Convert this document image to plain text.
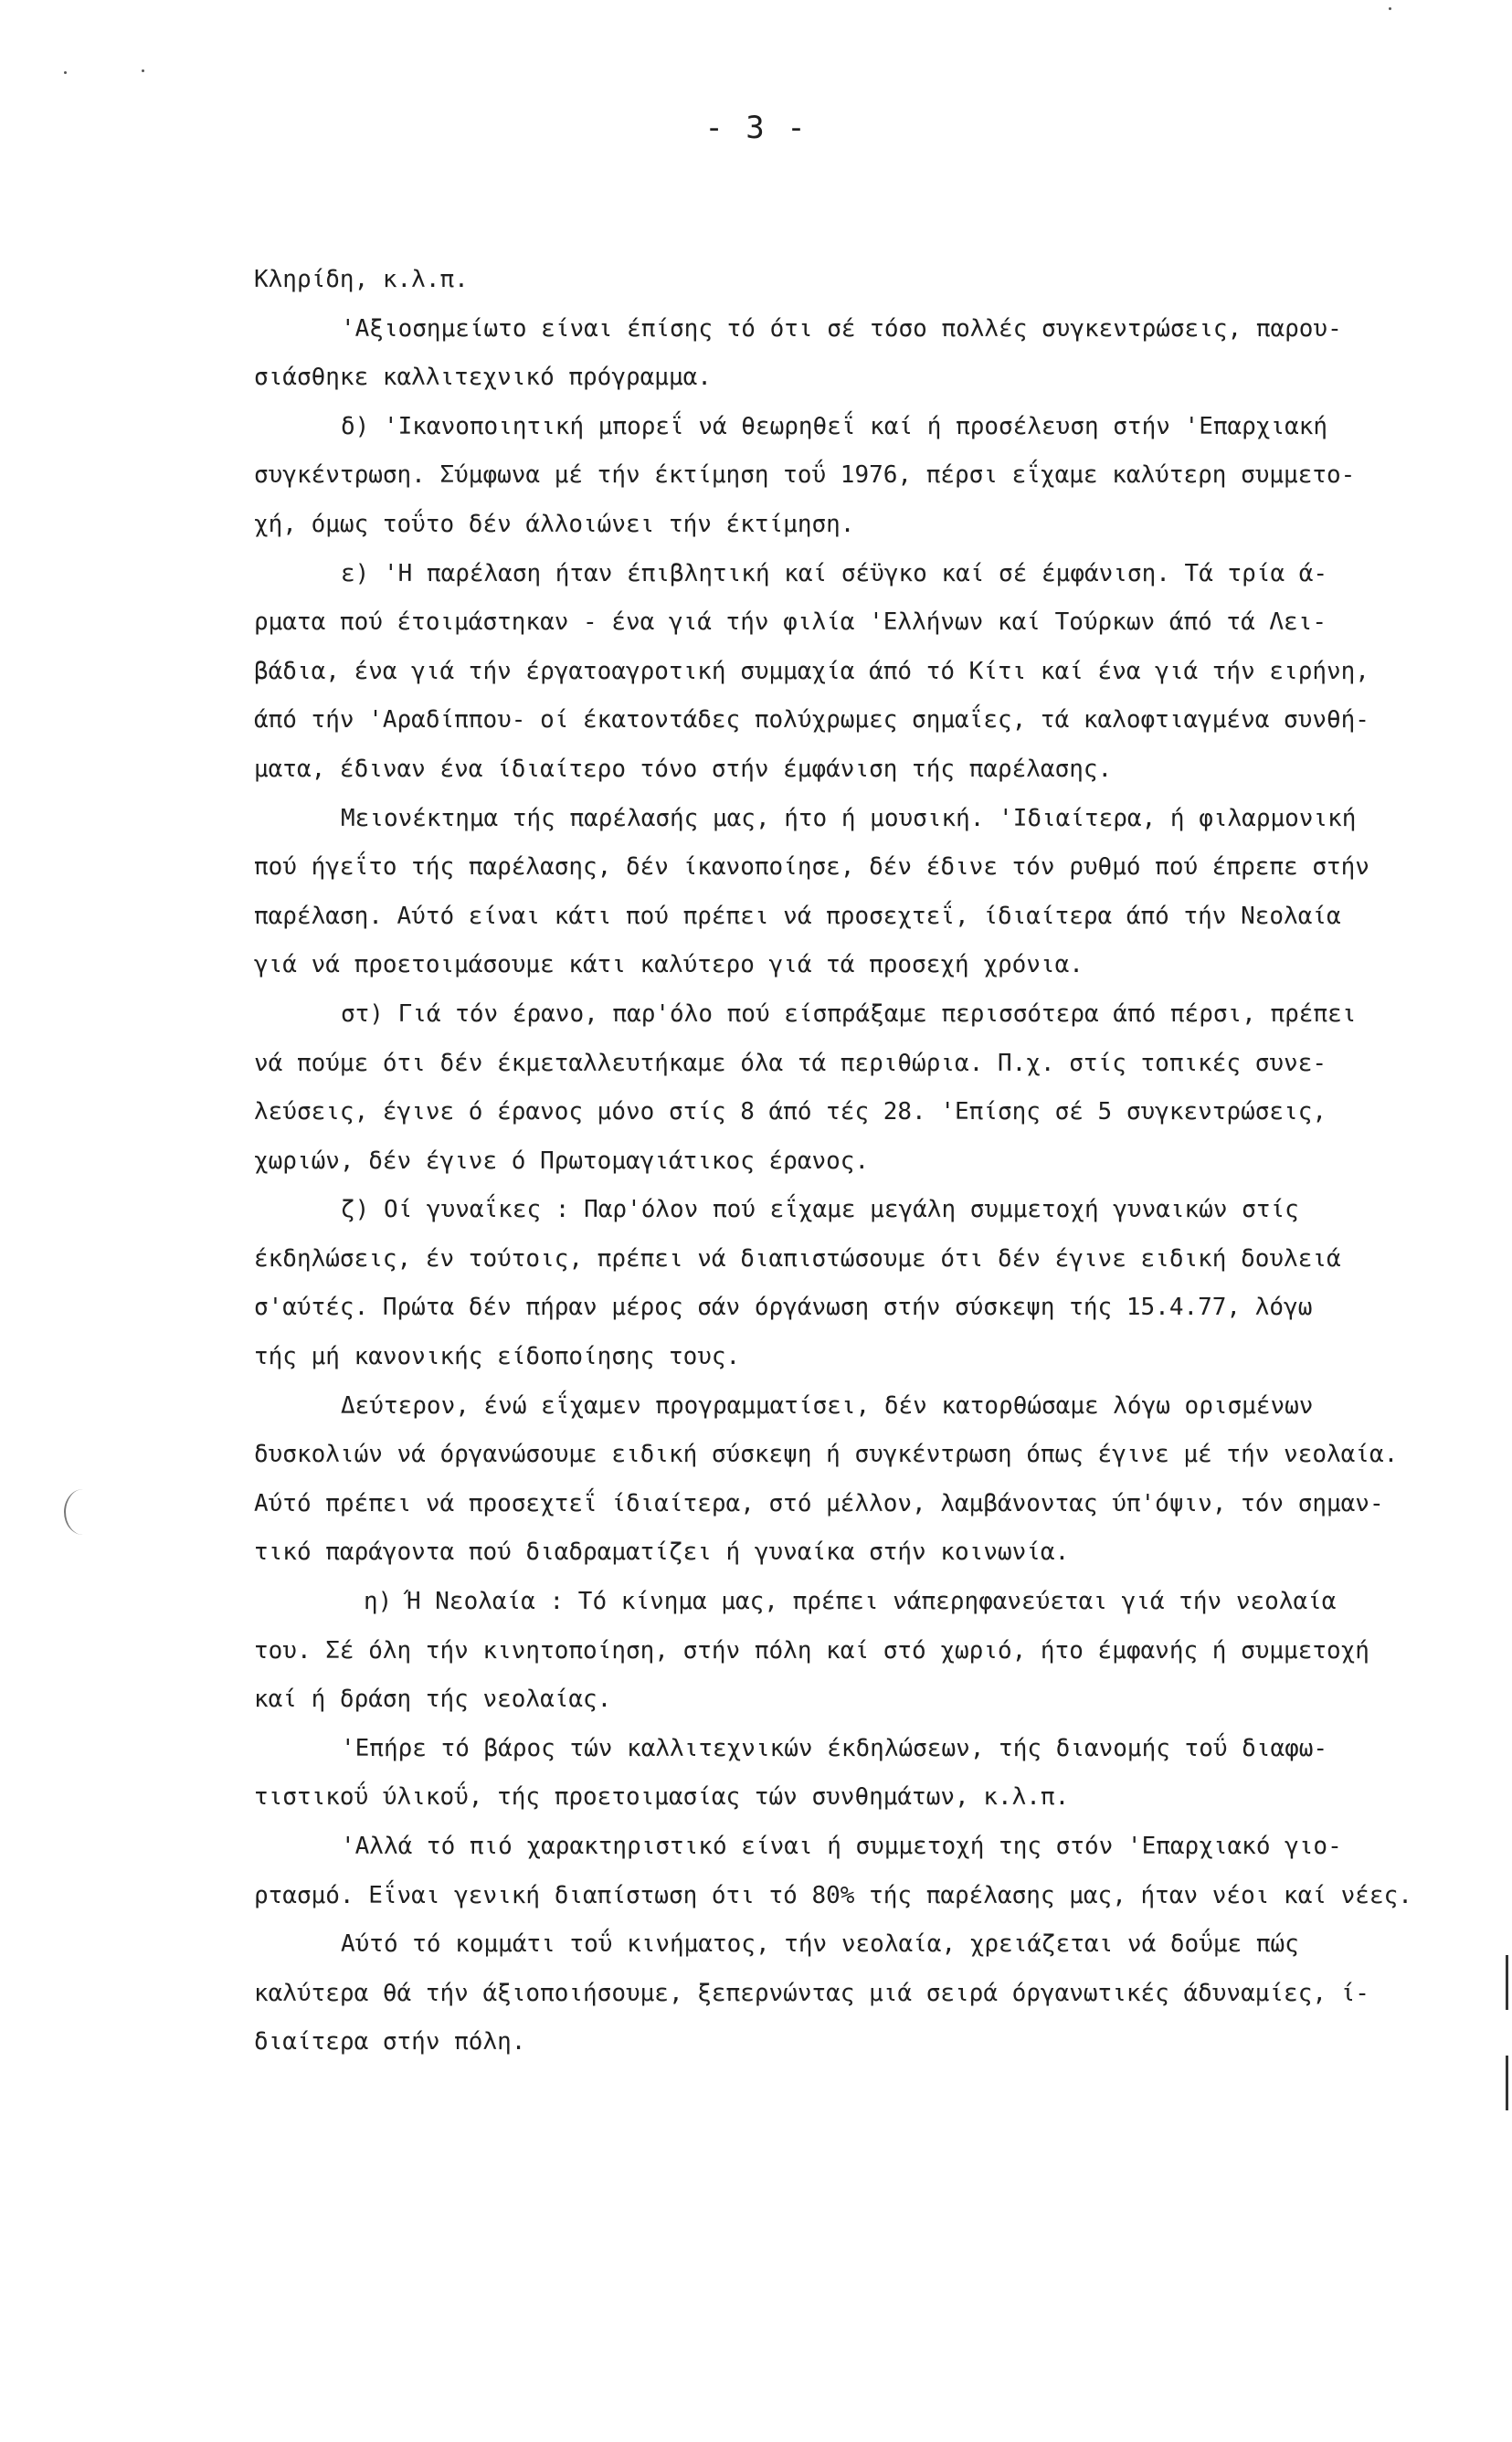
- 3 -
Κληρίδη, κ.λ.π.
'Αξιοσημείωτο είναι έπίσης τό ότι σέ τόσο πολλές συγκεντρώσεις, παρου-
σιάσθηκε καλλιτεχνικό πρόγραμμα.
δ) 'Ικανοποιητική μπορεΐ νά θεωρηθεΐ καί ή προσέλευση στήν 'Επαρχιακή
συγκέντρωση. Σύμφωνα μέ τήν έκτίμηση τοΰ 1976, πέρσι εΐχαμε καλύτερη συμμετο-
χή, όμως τοΰτο δέν άλλοιώνει τήν έκτίμηση.
ε) 'Η παρέλαση ήταν έπιβλητική καί σέϋγκο καί σέ έμφάνιση. Τά τρία ά-
ρματα πού έτοιμάστηκαν - ένα γιά τήν φιλία 'Ελλήνων καί Τούρκων άπό τά Λει-
βάδια, ένα γιά τήν έργατοαγροτική συμμαχία άπό τό Κίτι καί ένα γιά τήν ειρήνη,
άπό τήν 'Αραδίππου- οί έκατοντάδες πολύχρωμες σημαΐες, τά καλοφτιαγμένα συνθή-
ματα, έδιναν ένα ίδιαίτερο τόνο στήν έμφάνιση τής παρέλασης.
Μειονέκτημα τής παρέλασής μας, ήτο ή μουσική. 'Ιδιαίτερα, ή φιλαρμονική
πού ήγεΐτο τής παρέλασης, δέν ίκανοποίησε, δέν έδινε τόν ρυθμό πού έπρεπε στήν
παρέλαση. Αύτό είναι κάτι πού πρέπει νά προσεχτεΐ, ίδιαίτερα άπό τήν Νεολαία
γιά νά προετοιμάσουμε κάτι καλύτερο γιά τά προσεχή χρόνια.
στ) Γιά τόν έρανο, παρ'όλο πού είσπράξαμε περισσότερα άπό πέρσι, πρέπει
νά πούμε ότι δέν έκμεταλλευτήκαμε όλα τά περιθώρια. Π.χ. στίς τοπικές συνε-
λεύσεις, έγινε ό έρανος μόνο στίς 8 άπό τές 28. 'Επίσης σέ 5 συγκεντρώσεις,
χωριών, δέν έγινε ό Πρωτομαγιάτικος έρανος.
ζ) Οί γυναΐκες : Παρ'όλον πού εΐχαμε μεγάλη συμμετοχή γυναικών στίς
έκδηλώσεις, έν τούτοις, πρέπει νά διαπιστώσουμε ότι δέν έγινε ειδική δουλειά
σ'αύτές. Πρώτα δέν πήραν μέρος σάν όργάνωση στήν σύσκεψη τής 15.4.77, λόγω
τής μή κανονικής είδοποίησης τους.
Δεύτερον, ένώ εΐχαμεν προγραμματίσει, δέν κατορθώσαμε λόγω ορισμένων
δυσκολιών νά όργανώσουμε ειδική σύσκεψη ή συγκέντρωση όπως έγινε μέ τήν νεολαία.
Αύτό πρέπει νά προσεχτεΐ ίδιαίτερα, στό μέλλον, λαμβάνοντας ύπ'όψιν, τόν σημαν-
τικό παράγοντα πού διαδραματίζει ή γυναίκα στήν κοινωνία.
η) Ή Νεολαία : Τό κίνημα μας, πρέπει νάπερηφανεύεται γιά τήν νεολαία
του. Σέ όλη τήν κινητοποίηση, στήν πόλη καί στό χωριό, ήτο έμφανής ή συμμετοχή
καί ή δράση τής νεολαίας.
'Επήρε τό βάρος τών καλλιτεχνικών έκδηλώσεων, τής διανομής τοΰ διαφω-
τιστικοΰ ύλικοΰ, τής προετοιμασίας τών συνθημάτων, κ.λ.π.
'Αλλά τό πιό χαρακτηριστικό είναι ή συμμετοχή της στόν 'Επαρχιακό γιο-
ρτασμό. Εΐναι γενική διαπίστωση ότι τό 80% τής παρέλασης μας, ήταν νέοι καί νέες.
Αύτό τό κομμάτι τοΰ κινήματος, τήν νεολαία, χρειάζεται νά δοΰμε πώς
καλύτερα θά τήν άξιοποιήσουμε, ξεπερνώντας μιά σειρά όργανωτικές άδυναμίες, ί-
διαίτερα στήν πόλη.
